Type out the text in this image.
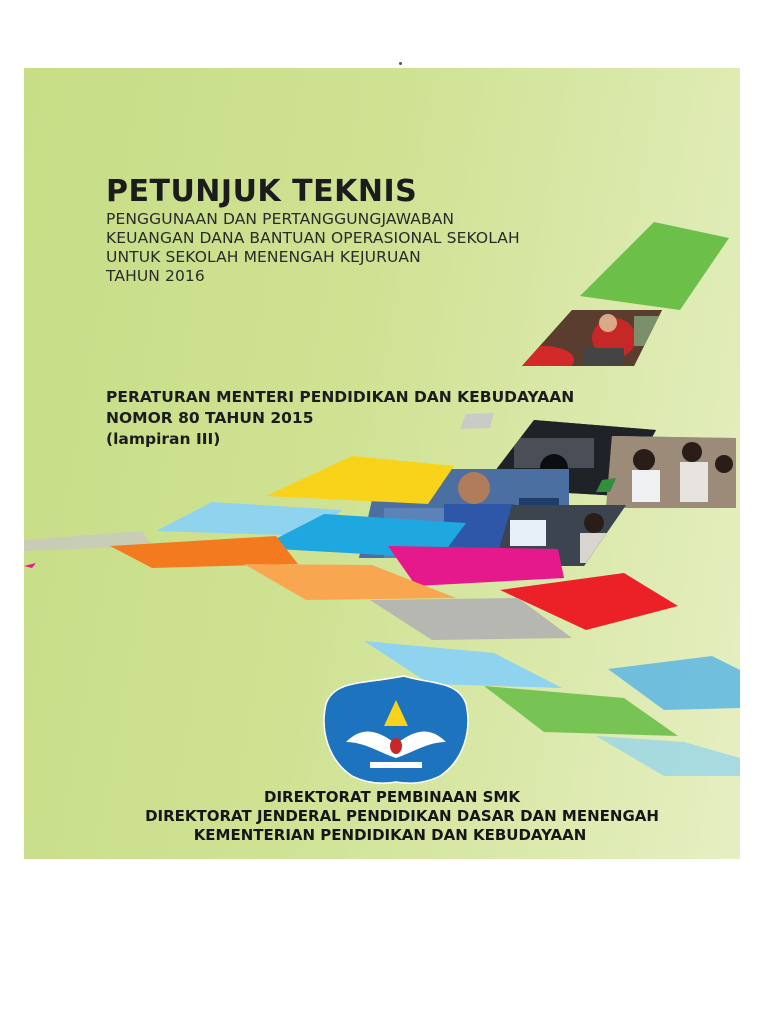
PETUNJUK TEKNIS

PENGGUNAAN DAN PERTANGGUNGJAWABAN

KEUANGAN DANA BANTUAN OPERASIONAL SEKOLAH

UNTUK SEKOLAH MENENGAH KEJURUAN

TAHUN 2016

PERATURAN MENTERI PENDIDIKAN DAN KEBUDAYAAN

NOMOR 80 TAHUN 2015

(lampiran III)

DIREKTORAT PEMBINAAN SMK

DIREKTORAT JENDERAL PENDIDIKAN DASAR DAN MENENGAH

KEMENTERIAN PENDIDIKAN DAN KEBUDAYAAN
